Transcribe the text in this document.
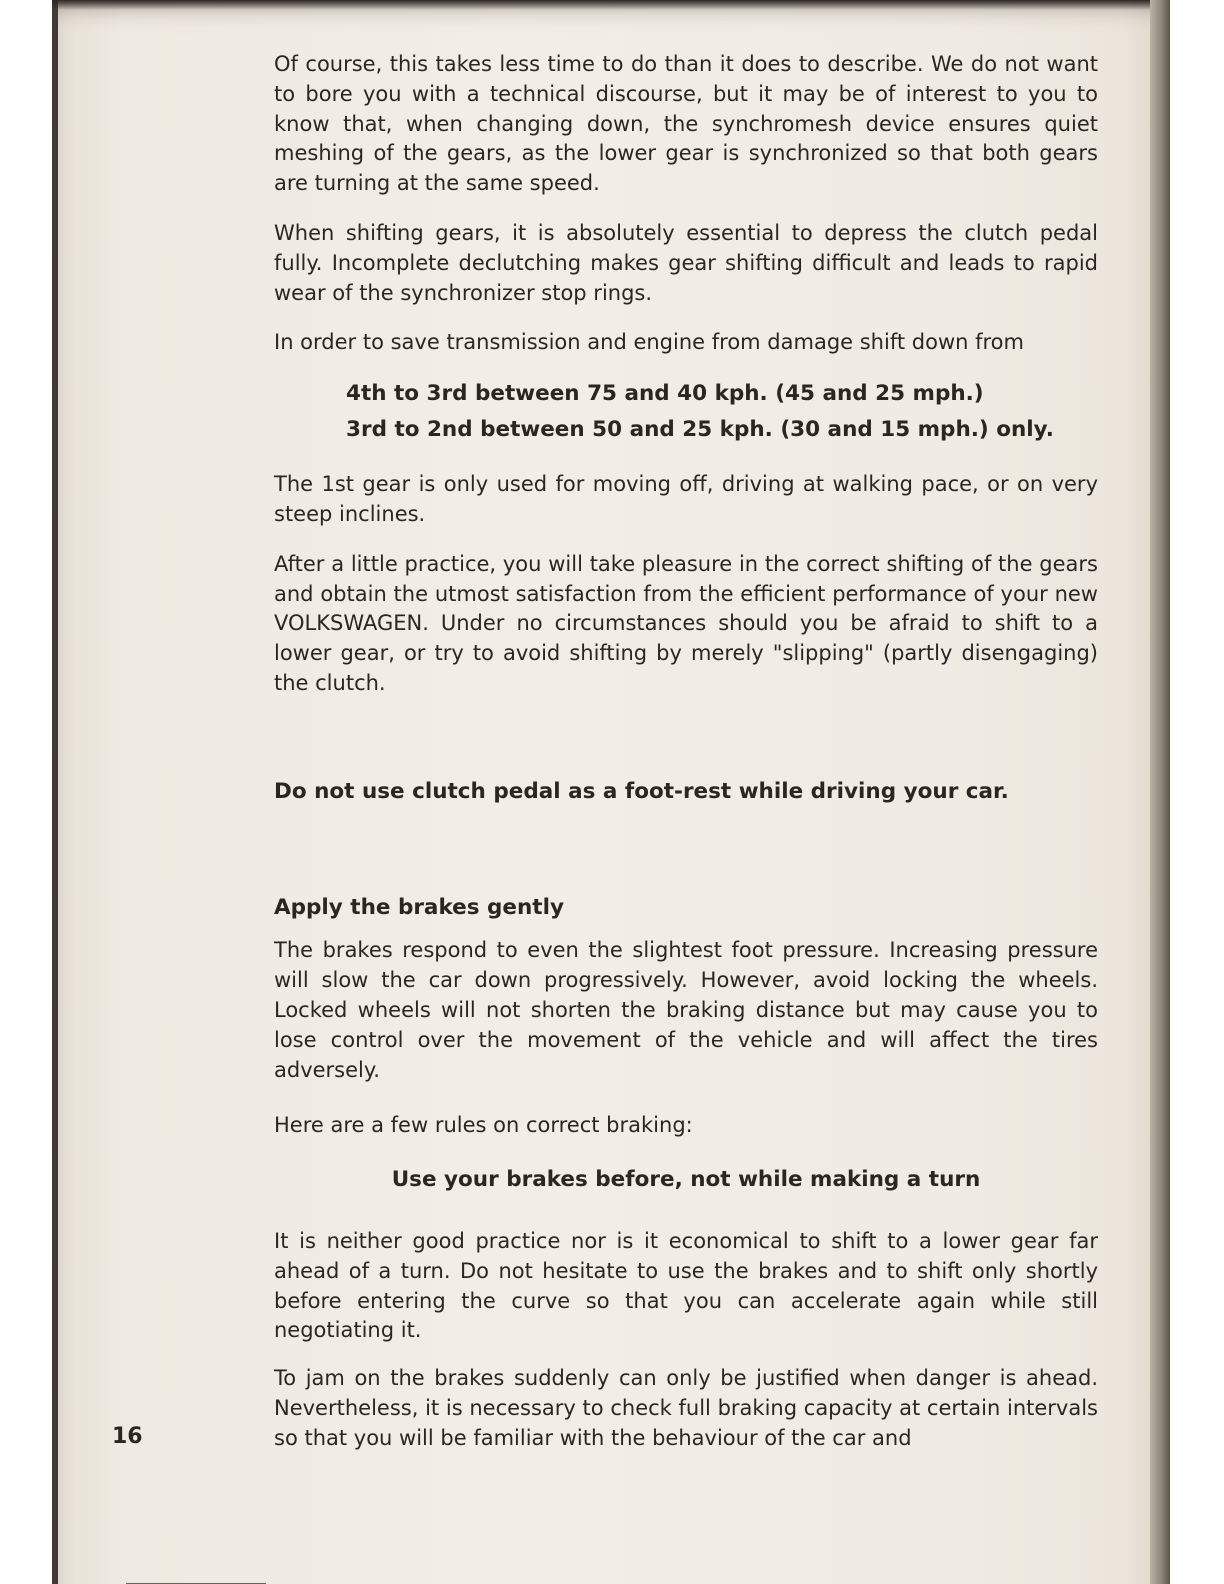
Of course, this takes less time to do than it does to describe. We do not want to bore you with a technical discourse, but it may be of interest to you to know that, when changing down, the synchromesh device ensures quiet meshing of the gears, as the lower gear is synchronized so that both gears are turning at the same speed.

When shifting gears, it is absolutely essential to depress the clutch pedal fully. Incomplete declutching makes gear shifting difficult and leads to rapid wear of the synchronizer stop rings.

In order to save transmission and engine from damage shift down from

4th to 3rd between 75 and 40 kph. (45 and 25 mph.)
3rd to 2nd between 50 and 25 kph. (30 and 15 mph.) only.

The 1st gear is only used for moving off, driving at walking pace, or on very steep inclines.

After a little practice, you will take pleasure in the correct shifting of the gears and obtain the utmost satisfaction from the efficient performance of your new VOLKSWAGEN. Under no circumstances should you be afraid to shift to a lower gear, or try to avoid shifting by merely "slipping" (partly disengaging) the clutch.

Do not use clutch pedal as a foot-rest while driving your car.

Apply the brakes gently

The brakes respond to even the slightest foot pressure. Increasing pressure will slow the car down progressively. However, avoid locking the wheels. Locked wheels will not shorten the braking distance but may cause you to lose control over the movement of the vehicle and will affect the tires adversely.

Here are a few rules on correct braking:

Use your brakes before, not while making a turn

It is neither good practice nor is it economical to shift to a lower gear far ahead of a turn. Do not hesitate to use the brakes and to shift only shortly before entering the curve so that you can accelerate again while still negotiating it.

To jam on the brakes suddenly can only be justified when danger is ahead. Nevertheless, it is necessary to check full braking capacity at certain intervals so that you will be familiar with the behaviour of the car and

16
